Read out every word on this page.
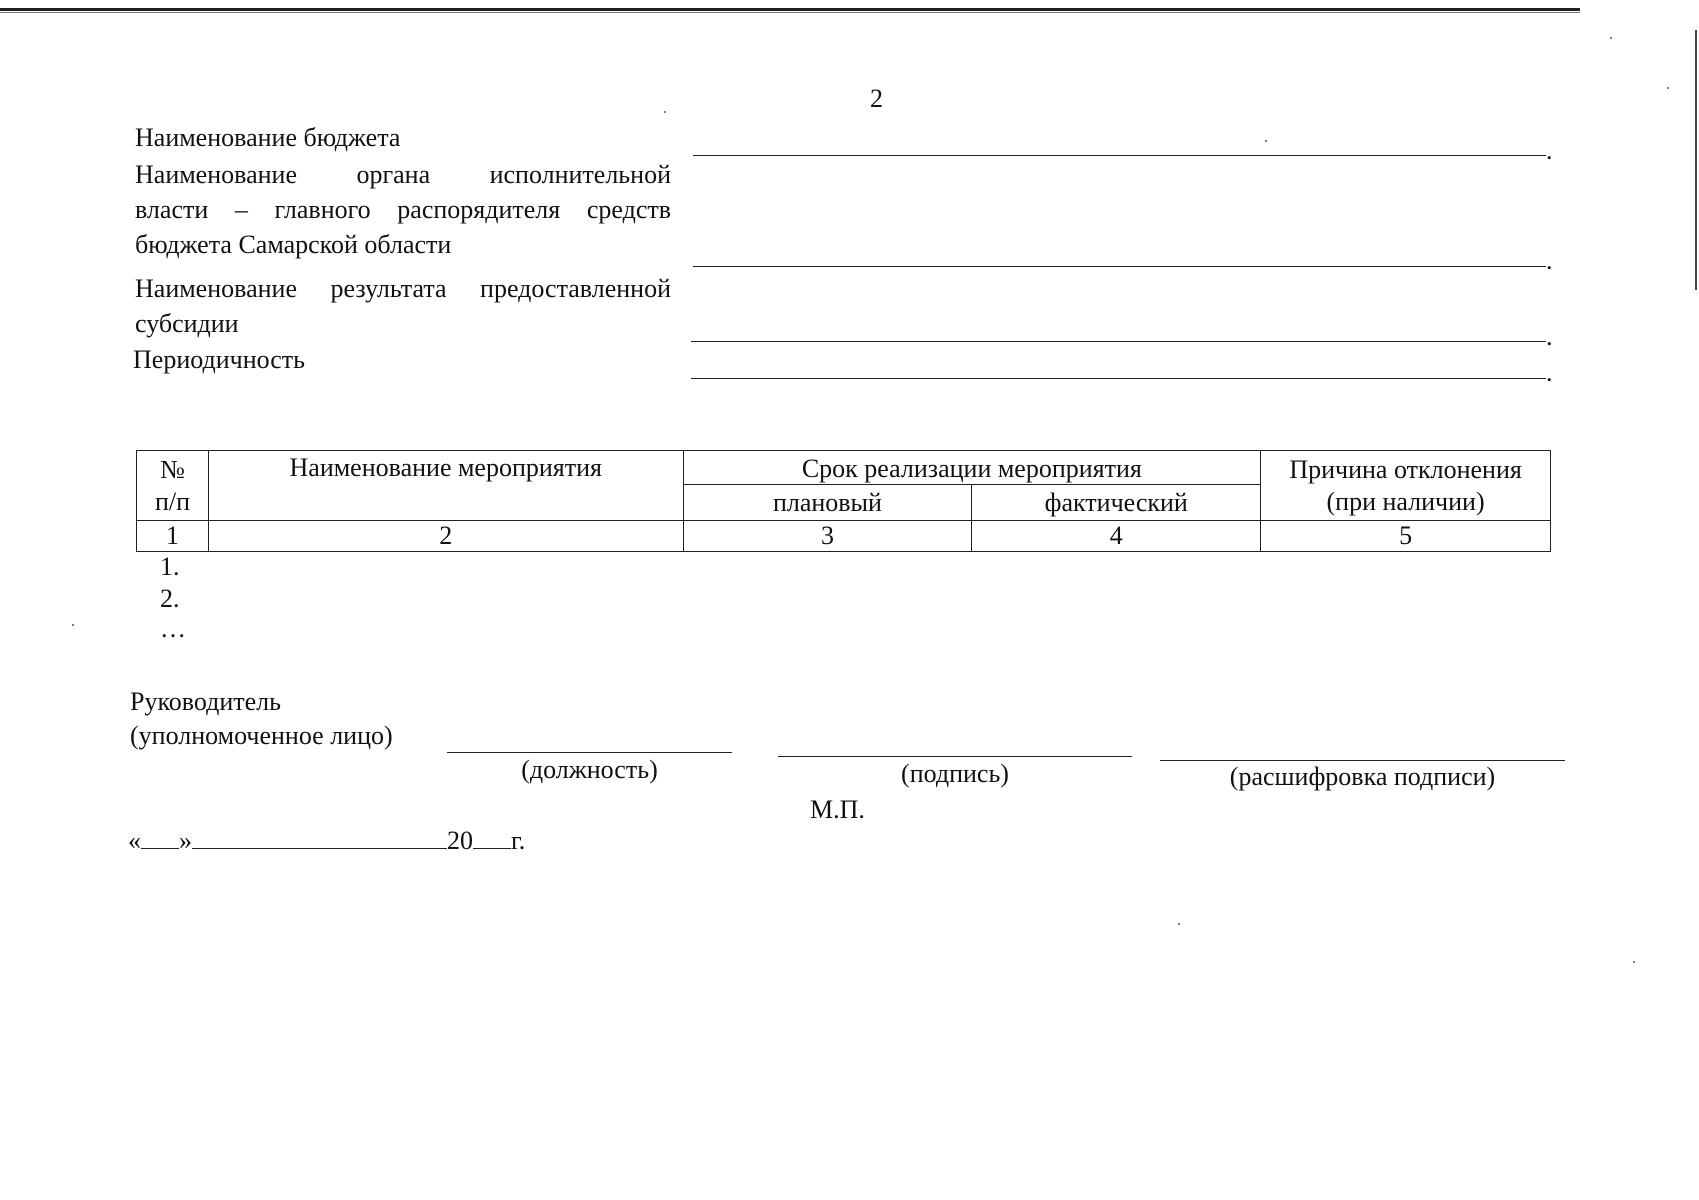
2
Наименование бюджета	.
Наименование органа исполнительной
власти – главного распорядителя средств
бюджета Самарской области
.
Наименование результата предоставленной
субсидии	.
Периодичность	.
№ п/п	Наименование мероприятия	Срок реализации мероприятия		Причина отклонения (при наличии)
		плановый	фактический	
1	2	3	4	5
1.
2.
…
Руководитель
(уполномоченное лицо)
(должность)	(подпись)	(расшифровка подписи)
М.П.
« »	20 г.
